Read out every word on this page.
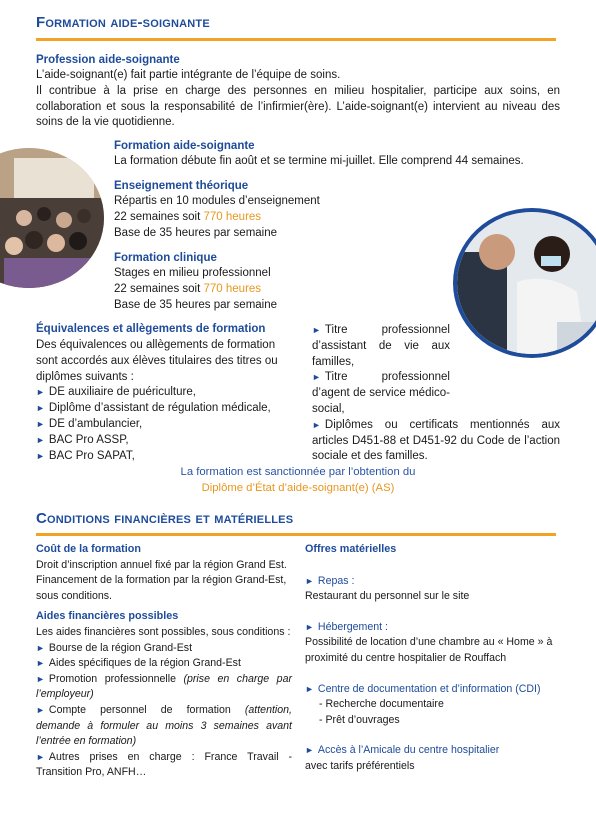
Formation aide-soignante
Profession aide-soignante
L’aide-soignant(e) fait partie intégrante de l’équipe de soins.
Il contribue à la prise en charge des personnes en milieu hospitalier, participe aux soins, en collaboration et sous la responsabilité de l’infirmier(ère). L’aide-soignant(e) intervient au niveau des soins de la vie quotidienne.
Formation aide-soignante
La formation débute fin août et se termine mi-juillet. Elle comprend 44 semaines.
Enseignement théorique
Répartis en 10 modules d’enseignement
22 semaines soit 770 heures
Base de 35 heures par semaine
Formation clinique
Stages en milieu professionnel
22 semaines soit 770 heures
Base de 35 heures par semaine
Équivalences et allègements de formation
Des équivalences ou allègements de formation sont accordés aux élèves titulaires des titres ou diplômes suivants :
► DE auxiliaire de puériculture,
► Diplôme d’assistant de régulation médicale,
► DE d’ambulancier,
► BAC Pro ASSP,
► BAC Pro SAPAT,
► Titre professionnel d’assistant de vie aux familles,
► Titre professionnel d’agent de service médico-social,
► Diplômes ou certificats mentionnés aux articles D451-88 et D451-92 du Code de l’action sociale et des familles.
La formation est sanctionnée par l’obtention du
Diplôme d’État d’aide-soignant(e) (AS)
Conditions financières et matérielles
Coût de la formation
Droit d’inscription annuel fixé par la région Grand Est.
Financement de la formation par la région Grand-Est, sous conditions.
Aides financières possibles
Les aides financières sont possibles, sous conditions :
► Bourse de la région Grand-Est
► Aides spécifiques de la région Grand-Est
► Promotion professionnelle (prise en charge par l’employeur)
► Compte personnel de formation (attention, demande à formuler au moins 3 semaines avant l’entrée en formation)
► Autres prises en charge : France Travail - Transition Pro, ANFH…
Offres matérielles
► Repas :
Restaurant du personnel sur le site
► Hébergement :
Possibilité de location d’une chambre au « Home » à proximité du centre hospitalier de Rouffach
► Centre de documentation et d’information (CDI)
- Recherche documentaire
- Prêt d’ouvrages
► Accès à l’Amicale du centre hospitalier
avec tarifs préférentiels
